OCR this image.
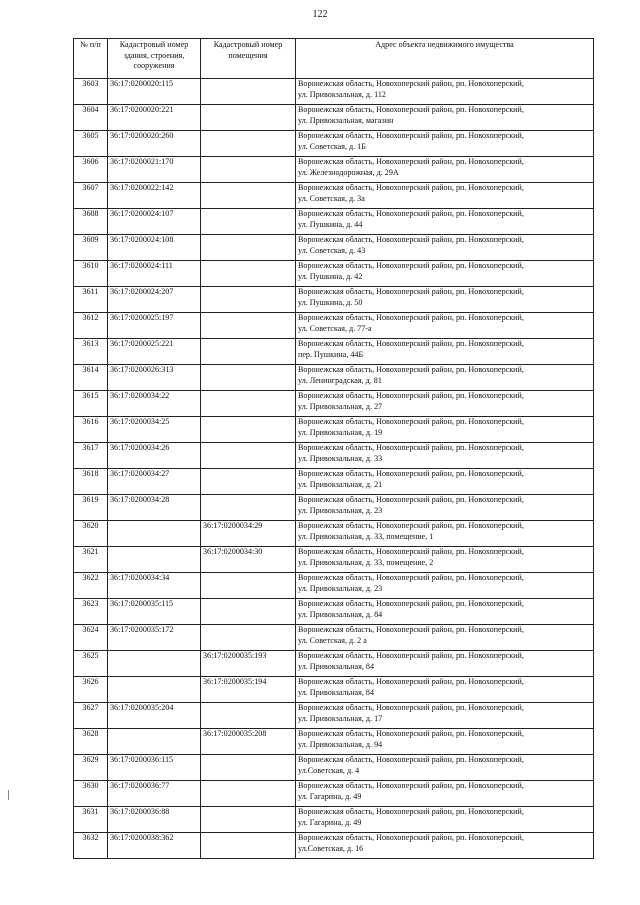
122
№ п/п	Кадастровый номер здания, строения, сооружения	Кадастровый номер помещения	Адрес объекта недвижимого имущества
3603	36:17:0200020:115		Воронежская область, Новохоперский район, рп. Новохоперский,
ул. Привокзальная, д. 112

3604	36:17:0200020:221		Воронежская область, Новохоперский район, рп. Новохоперский,
ул. Привокзальная, магазин

3605	36:17:0200020:260		Воронежская область, Новохоперский район, рп. Новохоперский,
ул. Советская, д. 1Б

3606	36:17:0200021:170		Воронежская область, Новохоперский район, рп. Новохоперский,
ул. Железнодорожная, д. 29А

3607	36:17:0200022:142		Воронежская область, Новохоперский район, рп. Новохоперский,
ул. Советская, д. 3а

3608	36:17:0200024:107		Воронежская область, Новохоперский район, рп. Новохоперский,
ул. Пушкина, д. 44

3609	36:17:0200024:108		Воронежская область, Новохоперский район, рп. Новохоперский,
ул. Советская, д. 43

3610	36:17:0200024:111		Воронежская область, Новохоперский район, рп. Новохоперский,
ул. Пушкина, д. 42

3611	36:17:0200024:207		Воронежская область, Новохоперский район, рп. Новохоперский,
ул. Пушкина, д. 50

3612	36:17:0200025:197		Воронежская область, Новохоперский район, рп. Новохоперский,
ул. Советская, д. 77-а

3613	36:17:0200025:221		Воронежская область, Новохоперский район, рп. Новохоперский,
пер. Пушкина, 44Б

3614	36:17:0200026:313		Воронежская область, Новохоперский район, рп. Новохоперский,
ул. Ленинградская, д. 81

3615	36:17:0200034:22		Воронежская область, Новохоперский район, рп. Новохоперский,
ул. Привокзальная, д. 27

3616	36:17:0200034:25		Воронежская область, Новохоперский район, рп. Новохоперский,
ул. Привокзальная, д. 19

3617	36:17:0200034:26		Воронежская область, Новохоперский район, рп. Новохоперский,
ул. Привокзальная, д. 33

3618	36:17:0200034:27		Воронежская область, Новохоперский район, рп. Новохоперский,
ул. Привокзальная, д. 21

3619	36:17:0200034:28		Воронежская область, Новохоперский район, рп. Новохоперский,
ул. Привокзальная, д. 23

3620		36:17:0200034:29	Воронежская область, Новохоперский район, рп. Новохоперский,
ул. Привокзальная, д. 33, помещение, 1

3621		36:17:0200034:30	Воронежская область, Новохоперский район, рп. Новохоперский,
ул. Привокзальная, д. 33, помещение, 2

3622	36:17:0200034:34		Воронежская область, Новохоперский район, рп. Новохоперский,
ул. Привокзальная, д. 23

3623	36:17:0200035:115		Воронежская область, Новохоперский район, рп. Новохоперский,
ул. Привокзальная, д. 84

3624	36:17:0200035:172		Воронежская область, Новохоперский район, рп. Новохоперский,
ул. Советская, д. 2 а

3625		36:17:0200035:193	Воронежская область, Новохоперский район, рп. Новохоперский,
ул. Привокзальная, 84

3626		36:17:0200035:194	Воронежская область, Новохоперский район, рп. Новохоперский,
ул. Привокзальная, 84

3627	36:17:0200035:204		Воронежская область, Новохоперский район, рп. Новохоперский,
ул. Привокзальная, д. 17

3628		36:17:0200035:208	Воронежская область, Новохоперский район, рп. Новохоперский,
ул. Привокзальная, д. 94

3629	36:17:0200036:115		Воронежская область, Новохоперский район, рп. Новохоперский,
ул.Советская, д. 4

3630	36:17:0200036:77		Воронежская область, Новохоперский район, рп. Новохоперский,
ул. Гагарина, д. 49

3631	36:17:0200036:88		Воронежская область, Новохоперский район, рп. Новохоперский,
ул. Гагарина, д. 49

3632	36:17:0200038:362		Воронежская область, Новохоперский район, рп. Новохоперский,
ул.Советская, д. 16
